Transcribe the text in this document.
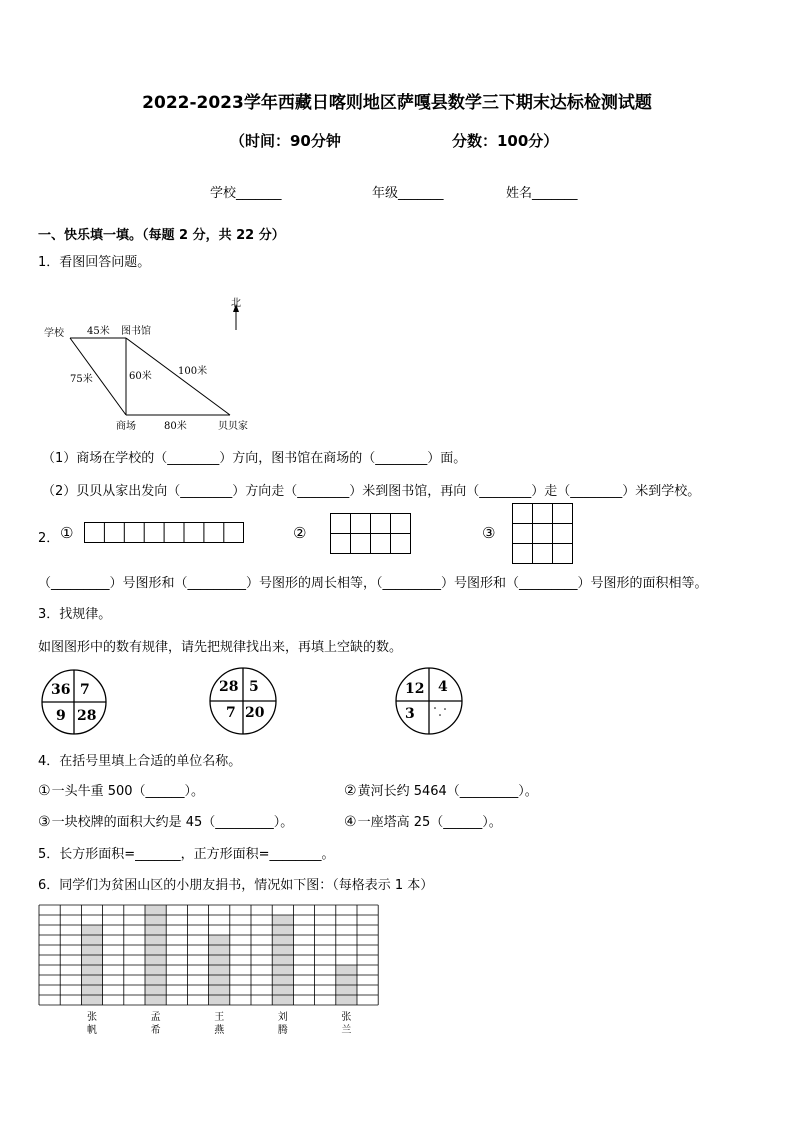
2022-2023学年西藏日喀则地区萨嘎县数学三下期末达标检测试题
（时间：90分钟	分数：100分）
学校_______	年级_______	姓名_______
一、快乐填一填。（每题 2 分，共 22 分）
1．看图回答问题。
北
学校	图书馆
商场	贝贝家
45米
75米	60米	100米
80米
（1）商场在学校的（________）方向，图书馆在商场的（________）面。
（2）贝贝从家出发向（________）方向走（________）米到图书馆，再向（________）走（________）米到学校。
2． ①	②	③
（_________）号图形和（_________）号图形的周长相等，（_________）号图形和（_________）号图形的面积相等。
3．找规律。
如图图形中的数有规律，请先把规律找出来，再填上空缺的数。
36 7
9 28
28 5
7 20
12 4
3
4．在括号里填上合适的单位名称。
①一头牛重 500（______）。	②黄河长约 5464（_________）。
③一块校牌的面积大约是 45（_________）。	④一座塔高 25（______）。
5．长方形面积=_______，正方形面积=________。
6．同学们为贫困山区的小朋友捐书，情况如下图：（每格表示 1 本）
张
帆
孟
希
王
燕
刘
腾
张
兰
